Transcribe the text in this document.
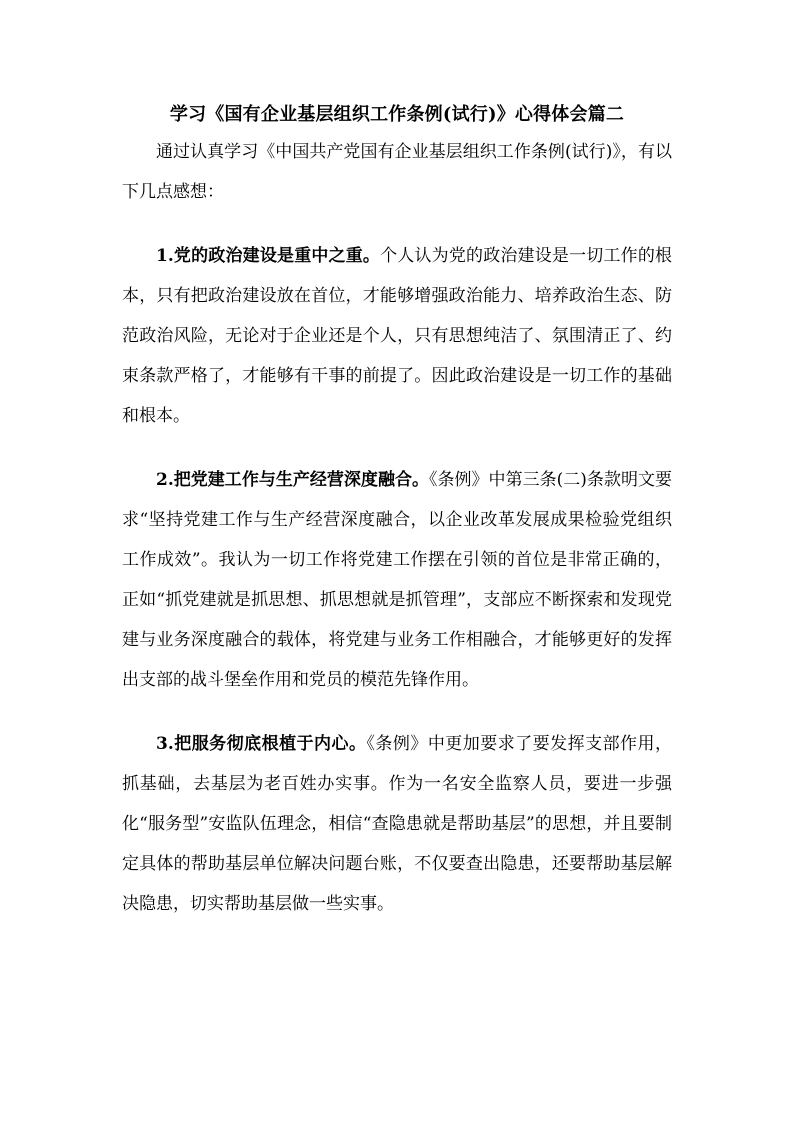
学习《国有企业基层组织工作条例(试行)》心得体会篇二

通过认真学习《中国共产党国有企业基层组织工作条例(试行)》，有以下几点感想：

1.党的政治建设是重中之重。个人认为党的政治建设是一切工作的根本，只有把政治建设放在首位，才能够增强政治能力、培养政治生态、防范政治风险，无论对于企业还是个人，只有思想纯洁了、氛围清正了、约束条款严格了，才能够有干事的前提了。因此政治建设是一切工作的基础和根本。

2.把党建工作与生产经营深度融合。《条例》中第三条(二)条款明文要求“坚持党建工作与生产经营深度融合，以企业改革发展成果检验党组织工作成效”。我认为一切工作将党建工作摆在引领的首位是非常正确的，正如“抓党建就是抓思想、抓思想就是抓管理”，支部应不断探索和发现党建与业务深度融合的载体，将党建与业务工作相融合，才能够更好的发挥出支部的战斗堡垒作用和党员的模范先锋作用。

3.把服务彻底根植于内心。《条例》中更加要求了要发挥支部作用，抓基础，去基层为老百姓办实事。作为一名安全监察人员，要进一步强化“服务型”安监队伍理念，相信“查隐患就是帮助基层”的思想，并且要制定具体的帮助基层单位解决问题台账，不仅要查出隐患，还要帮助基层解决隐患，切实帮助基层做一些实事。
